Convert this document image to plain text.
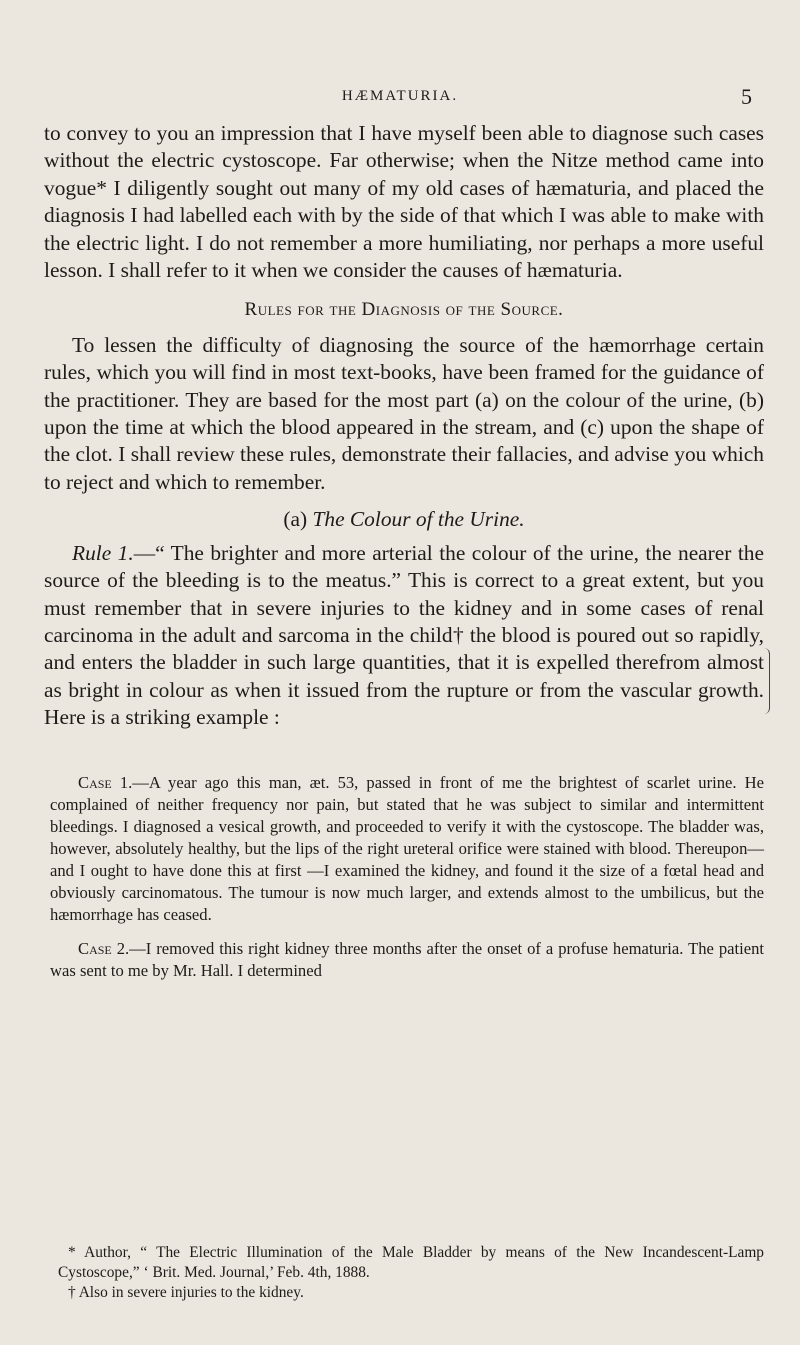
HÆMATURIA.	5

to convey to you an impression that I have myself been able to diagnose such cases without the electric cystoscope. Far otherwise; when the Nitze method came into vogue* I diligently sought out many of my old cases of hæmaturia, and placed the diagnosis I had labelled each with by the side of that which I was able to make with the electric light. I do not remember a more humiliating, nor perhaps a more useful lesson. I shall refer to it when we consider the causes of hæmaturia.

Rules for the Diagnosis of the Source.

To lessen the difficulty of diagnosing the source of the hæmorrhage certain rules, which you will find in most text-books, have been framed for the guidance of the practitioner. They are based for the most part (a) on the colour of the urine, (b) upon the time at which the blood appeared in the stream, and (c) upon the shape of the clot. I shall review these rules, demonstrate their fallacies, and advise you which to reject and which to remember.

(a) The Colour of the Urine.

Rule 1.—“ The brighter and more arterial the colour of the urine, the nearer the source of the bleeding is to the meatus.” This is correct to a great extent, but you must remember that in severe injuries to the kidney and in some cases of renal carcinoma in the adult and sarcoma in the child† the blood is poured out so rapidly, and enters the bladder in such large quantities, that it is expelled therefrom almost as bright in colour as when it issued from the rupture or from the vascular growth. Here is a striking example :

Case 1.—A year ago this man, æt. 53, passed in front of me the brightest of scarlet urine. He complained of neither frequency nor pain, but stated that he was subject to similar and intermittent bleedings. I diagnosed a vesical growth, and proceeded to verify it with the cystoscope. The bladder was, however, absolutely healthy, but the lips of the right ureteral orifice were stained with blood. Thereupon—and I ought to have done this at first —I examined the kidney, and found it the size of a fœtal head and obviously carcinomatous. The tumour is now much larger, and extends almost to the umbilicus, but the hæmorrhage has ceased.

Case 2.—I removed this right kidney three months after the onset of a profuse hematuria. The patient was sent to me by Mr. Hall. I determined

* Author, “ The Electric Illumination of the Male Bladder by means of the New Incandescent-Lamp Cystoscope,” ‘ Brit. Med. Journal,’ Feb. 4th, 1888.

† Also in severe injuries to the kidney.
